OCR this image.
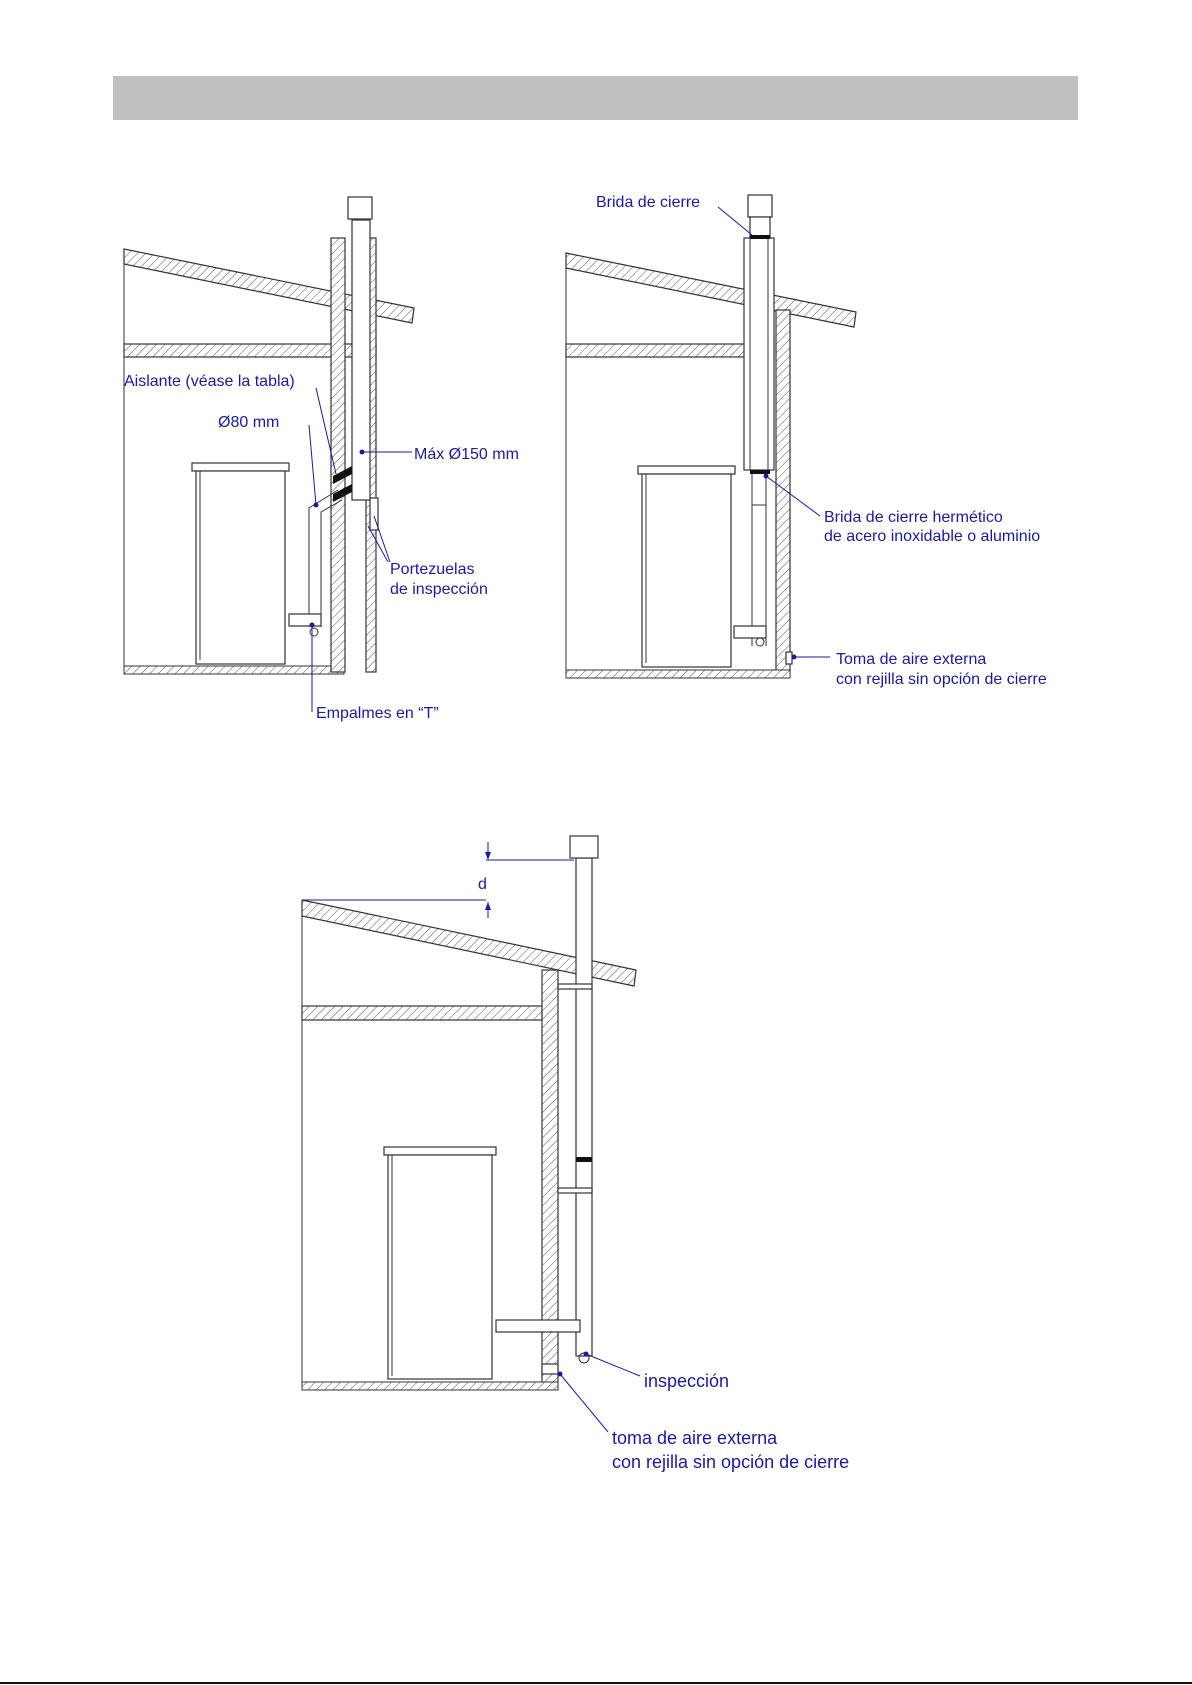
Aislante (véase la tabla)
Ø80 mm
Máx Ø150 mm
Portezuelas
de inspección
Empalmes en “T”
Brida de cierre
Brida de cierre hermético
de acero inoxidable o aluminio
Toma de aire externa
con rejilla sin opción de cierre
d
inspección
toma de aire externa
con rejilla sin opción de cierre
